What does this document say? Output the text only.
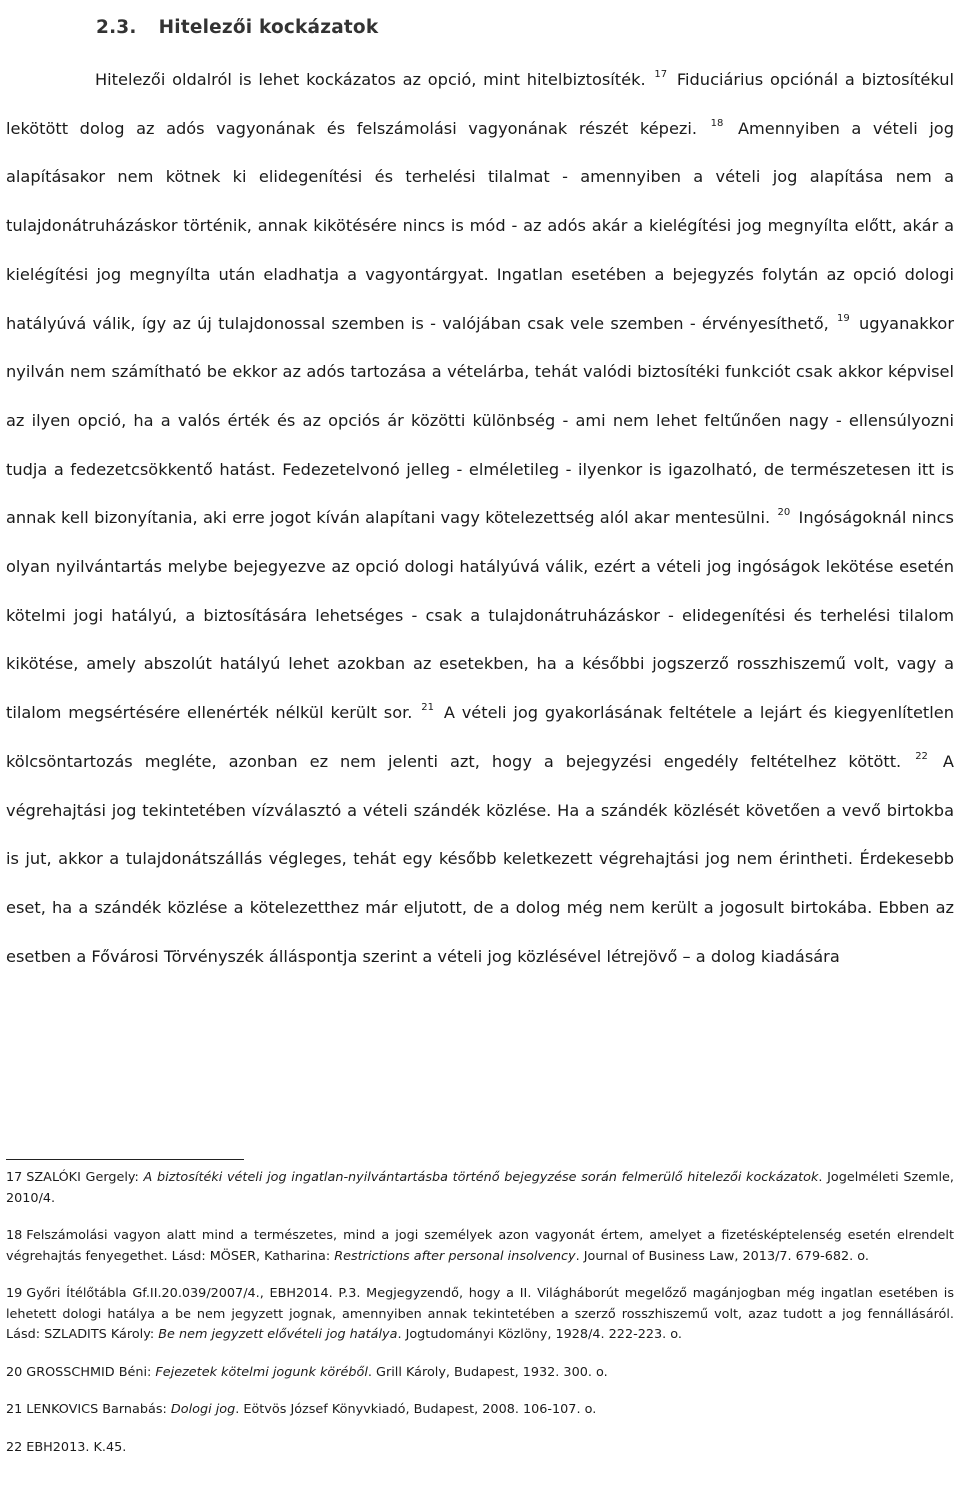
2.3. Hitelezői kockázatok

Hitelezői oldalról is lehet kockázatos az opció, mint hitelbiztosíték. $^{17}$ Fiduciárius opciónál a biztosítékul lekötött dolog az adós vagyonának és felszámolási vagyonának részét képezi. $^{18}$ Amennyiben a vételi jog alapításakor nem kötnek ki elidegenítési és terhelési tilalmat - amennyiben a vételi jog alapítása nem a tulajdonátruházáskor történik, annak kikötésére nincs is mód - az adós akár a kielégítési jog megnyílta előtt, akár a kielégítési jog megnyílta után eladhatja a vagyontárgyat. Ingatlan esetében a bejegyzés folytán az opció dologi hatályúvá válik, így az új tulajdonossal szemben is - valójában csak vele szemben - érvényesíthető, $^{19}$ ugyanakkor nyilván nem számítható be ekkor az adós tartozása a vételárba, tehát valódi biztosítéki funkciót csak akkor képvisel az ilyen opció, ha a valós érték és az opciós ár közötti különbség - ami nem lehet feltűnően nagy - ellensúlyozni tudja a fedezetcsökkentő hatást. Fedezetelvonó jelleg - elméletileg - ilyenkor is igazolható, de természetesen itt is annak kell bizonyítania, aki erre jogot kíván alapítani vagy kötelezettség alól akar mentesülni. $^{20}$ Ingóságoknál nincs olyan nyilvántartás melybe bejegyezve az opció dologi hatályúvá válik, ezért a vételi jog ingóságok lekötése esetén kötelmi jogi hatályú, a biztosítására lehetséges - csak a tulajdonátruházáskor - elidegenítési és terhelési tilalom kikötése, amely abszolút hatályú lehet azokban az esetekben, ha a későbbi jogszerző rosszhiszemű volt, vagy a tilalom megsértésére ellenérték nélkül került sor. $^{21}$ A vételi jog gyakorlásának feltétele a lejárt és kiegyenlítetlen kölcsöntartozás megléte, azonban ez nem jelenti azt, hogy a bejegyzési engedély feltételhez kötött. $^{22}$ A végrehajtási jog tekintetében vízválasztó a vételi szándék közlése. Ha a szándék közlését követően a vevő birtokba is jut, akkor a tulajdonátszállás végleges, tehát egy később keletkezett végrehajtási jog nem érintheti. Érdekesebb eset, ha a szándék közlése a kötelezetthez már eljutott, de a dolog még nem került a jogosult birtokába. Ebben az esetben a Fővárosi Törvényszék álláspontja szerint a vételi jog közlésével létrejövő – a dolog kiadására

17 SZALÓKI Gergely: A biztosítéki vételi jog ingatlan-nyilvántartásba történő bejegyzése során felmerülő hitelezői kockázatok. Jogelméleti Szemle, 2010/4.
18 Felszámolási vagyon alatt mind a természetes, mind a jogi személyek azon vagyonát értem, amelyet a fizetésképtelenség esetén elrendelt végrehajtás fenyegethet. Lásd: MÖSER, Katharina: Restrictions after personal insolvency. Journal of Business Law, 2013/7. 679-682. o.
19 Győri Ítélőtábla Gf.II.20.039/2007/4., EBH2014. P.3. Megjegyzendő, hogy a II. Világháborút megelőző magánjogban még ingatlan esetében is lehetett dologi hatálya a be nem jegyzett jognak, amennyiben annak tekintetében a szerző rosszhiszemű volt, azaz tudott a jog fennállásáról. Lásd: SZLADITS Károly: Be nem jegyzett elővételi jog hatálya. Jogtudományi Közlöny, 1928/4. 222-223. o.
20 GROSSCHMID Béni: Fejezetek kötelmi jogunk köréből. Grill Károly, Budapest, 1932. 300. o.
21 LENKOVICS Barnabás: Dologi jog. Eötvös József Könyvkiadó, Budapest, 2008. 106-107. o.
22 EBH2013. K.45.
